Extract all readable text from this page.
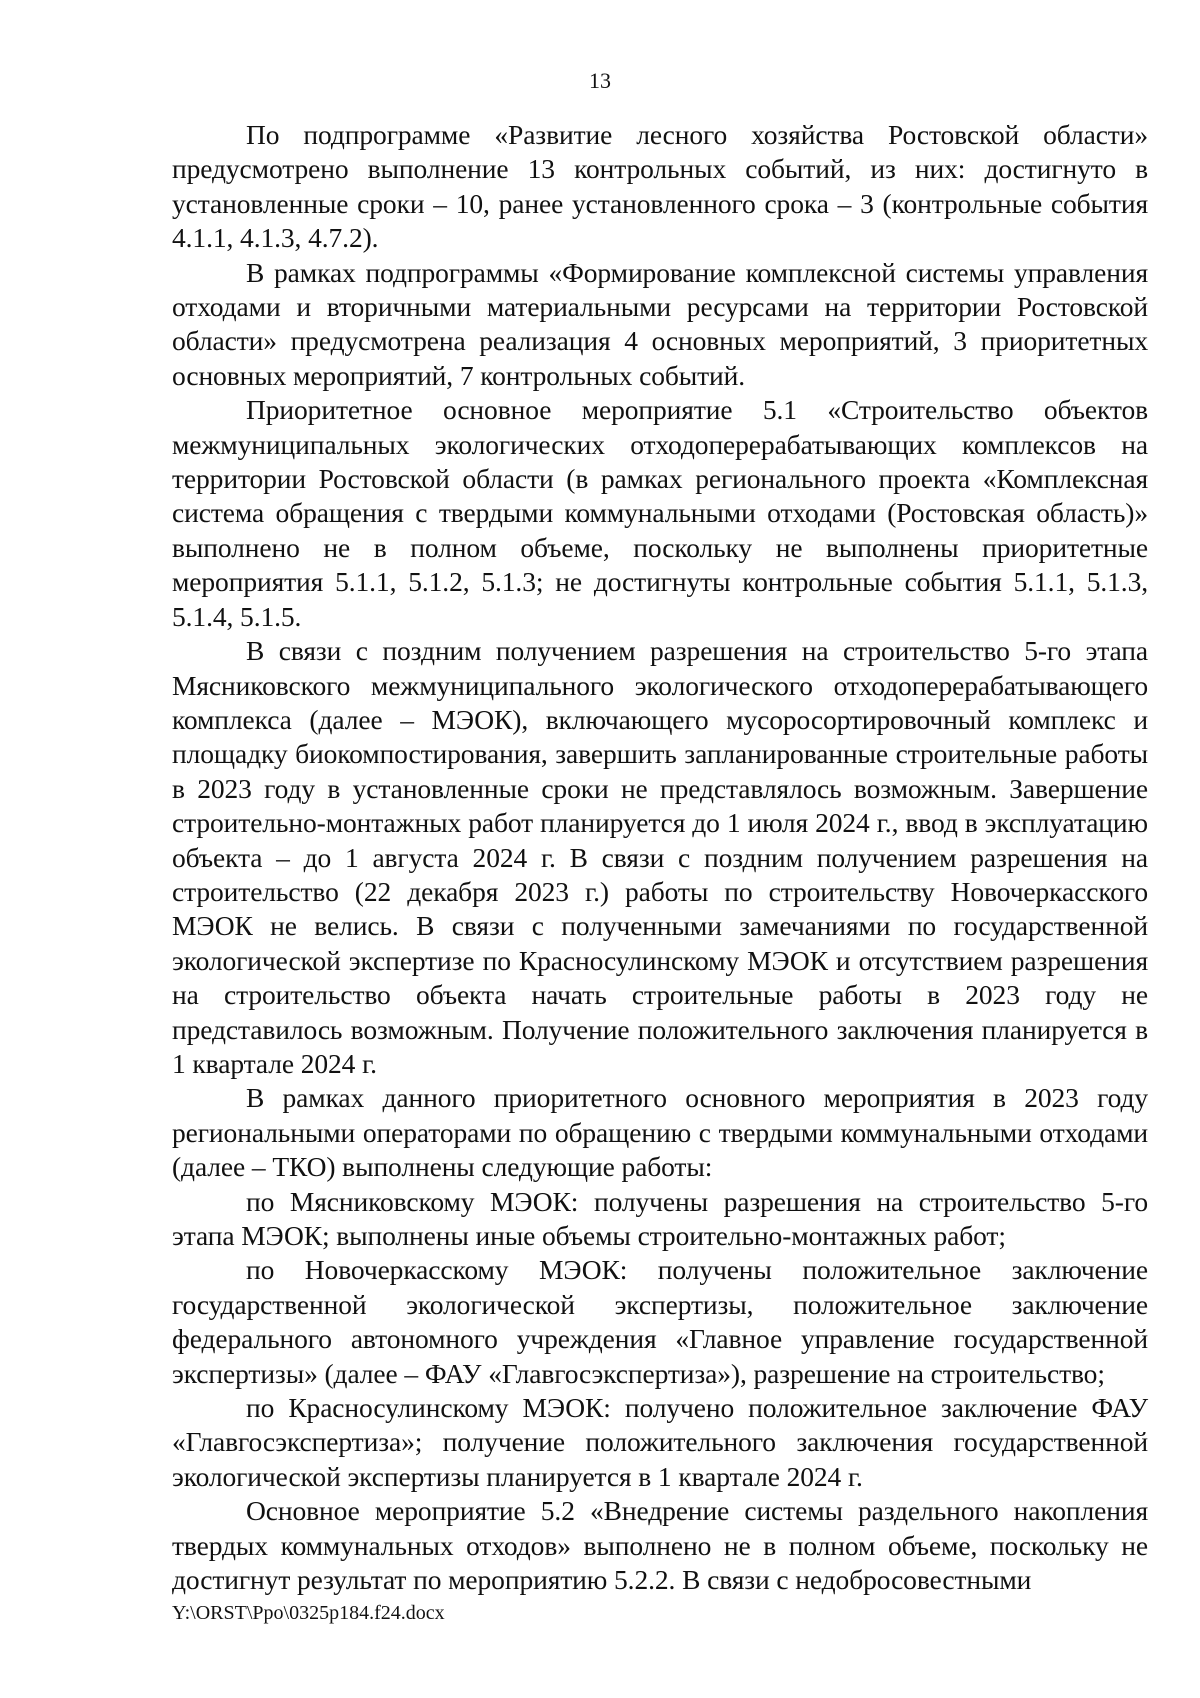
13

По подпрограмме «Развитие лесного хозяйства Ростовской области» предусмотрено выполнение 13 контрольных событий, из них: достигнуто в установленные сроки – 10, ранее установленного срока – 3 (контрольные события 4.1.1, 4.1.3, 4.7.2).

В рамках подпрограммы «Формирование комплексной системы управления отходами и вторичными материальными ресурсами на территории Ростовской области» предусмотрена реализация 4 основных мероприятий, 3 приоритетных основных мероприятий, 7 контрольных событий.

Приоритетное основное мероприятие 5.1 «Строительство объектов межмуниципальных экологических отходоперерабатывающих комплексов на территории Ростовской области (в рамках регионального проекта «Комплексная система обращения с твердыми коммунальными отходами (Ростовская область)» выполнено не в полном объеме, поскольку не выполнены приоритетные мероприятия 5.1.1, 5.1.2, 5.1.3; не достигнуты контрольные события 5.1.1, 5.1.3, 5.1.4, 5.1.5.

В связи с поздним получением разрешения на строительство 5-го этапа Мясниковского межмуниципального экологического отходоперерабатывающего комплекса (далее – МЭОК), включающего мусоросортировочный комплекс и площадку биокомпостирования, завершить запланированные строительные работы в 2023 году в установленные сроки не представлялось возможным. Завершение строительно-монтажных работ планируется до 1 июля 2024 г., ввод в эксплуатацию объекта – до 1 августа 2024 г. В связи с поздним получением разрешения на строительство (22 декабря 2023 г.) работы по строительству Новочеркасского МЭОК не велись. В связи с полученными замечаниями по государственной экологической экспертизе по Красносулинскому МЭОК и отсутствием разрешения на строительство объекта начать строительные работы в 2023 году не представилось возможным. Получение положительного заключения планируется в 1 квартале 2024 г.

В рамках данного приоритетного основного мероприятия в 2023 году региональными операторами по обращению с твердыми коммунальными отходами (далее – ТКО) выполнены следующие работы:

по Мясниковскому МЭОК: получены разрешения на строительство 5-го этапа МЭОК; выполнены иные объемы строительно-монтажных работ;

по Новочеркасскому МЭОК: получены положительное заключение государственной экологической экспертизы, положительное заключение федерального автономного учреждения «Главное управление государственной экспертизы» (далее – ФАУ «Главгосэкспертиза»), разрешение на строительство;

по Красносулинскому МЭОК: получено положительное заключение ФАУ «Главгосэкспертиза»; получение положительного заключения государственной экологической экспертизы планируется в 1 квартале 2024 г.

Основное мероприятие 5.2 «Внедрение системы раздельного накопления твердых коммунальных отходов» выполнено не в полном объеме, поскольку не достигнут результат по мероприятию 5.2.2. В связи с недобросовестными

Y:\ORST\Ppo\0325p184.f24.docx
